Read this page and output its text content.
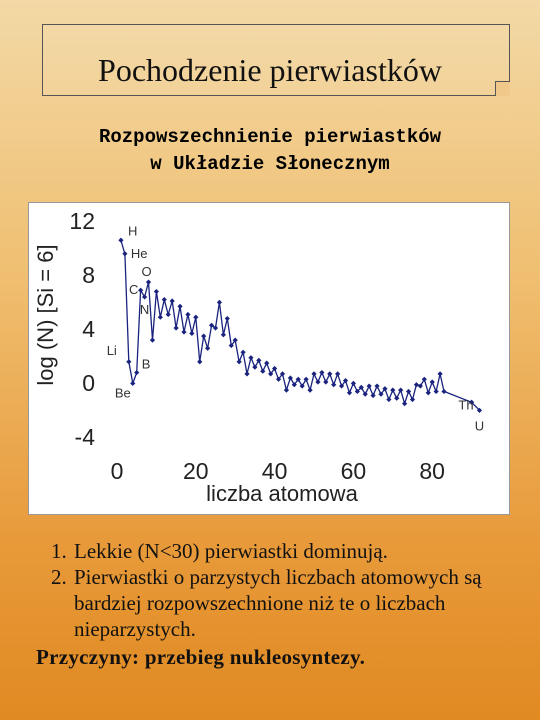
Pochodzenie pierwiastków
Rozpowszechnienie pierwiastków
w Układzie Słonecznym
log (N) [Si = 6]
liczba atomowa
12
8
4
0
-4
0	20 40 60 80
H
He
Li
Be
B
C
N
O
Th
U
1. Lekkie (N<30) pierwiastki dominują.
2. Pierwiastki o parzystych liczbach atomowych są bardziej rozpowszechnione niż te o liczbach nieparzystych.
Przyczyny: przebieg nukleosyntezy.
